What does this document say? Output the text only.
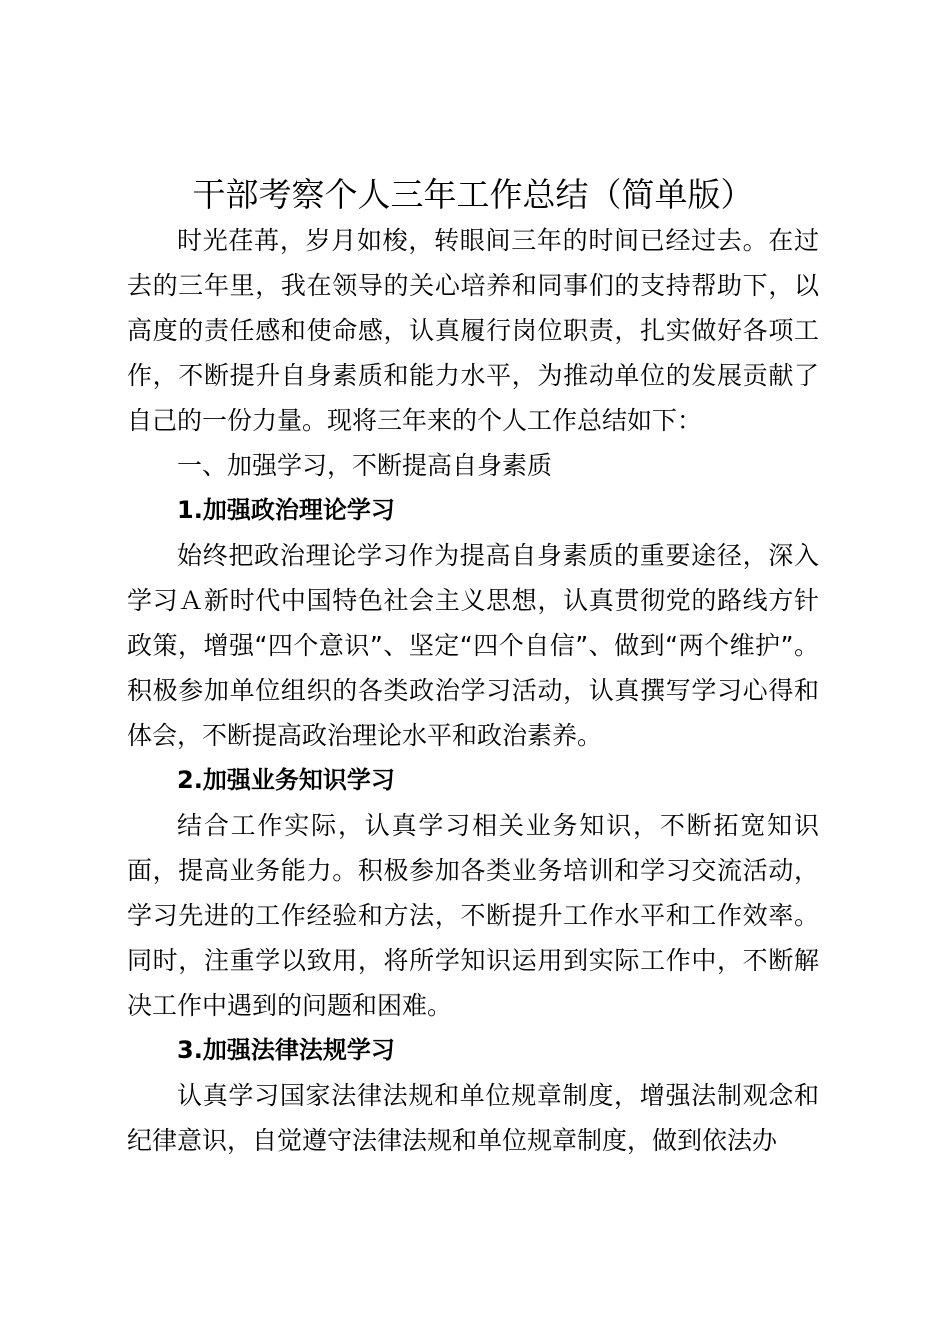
干部考察个人三年工作总结（简单版）

时光荏苒，岁月如梭，转眼间三年的时间已经过去。在过去的三年里，我在领导的关心培养和同事们的支持帮助下，以高度的责任感和使命感，认真履行岗位职责，扎实做好各项工作，不断提升自身素质和能力水平，为推动单位的发展贡献了自己的一份力量。现将三年来的个人工作总结如下：

一、加强学习，不断提高自身素质

1.加强政治理论学习

始终把政治理论学习作为提高自身素质的重要途径，深入学习Ａ新时代中国特色社会主义思想，认真贯彻党的路线方针政策，增强“四个意识”、坚定“四个自信”、做到“两个维护”。积极参加单位组织的各类政治学习活动，认真撰写学习心得和体会，不断提高政治理论水平和政治素养。

2.加强业务知识学习

结合工作实际，认真学习相关业务知识，不断拓宽知识面，提高业务能力。积极参加各类业务培训和学习交流活动，学习先进的工作经验和方法，不断提升工作水平和工作效率。同时，注重学以致用，将所学知识运用到实际工作中，不断解决工作中遇到的问题和困难。

3.加强法律法规学习

认真学习国家法律法规和单位规章制度，增强法制观念和纪律意识，自觉遵守法律法规和单位规章制度，做到依法办
